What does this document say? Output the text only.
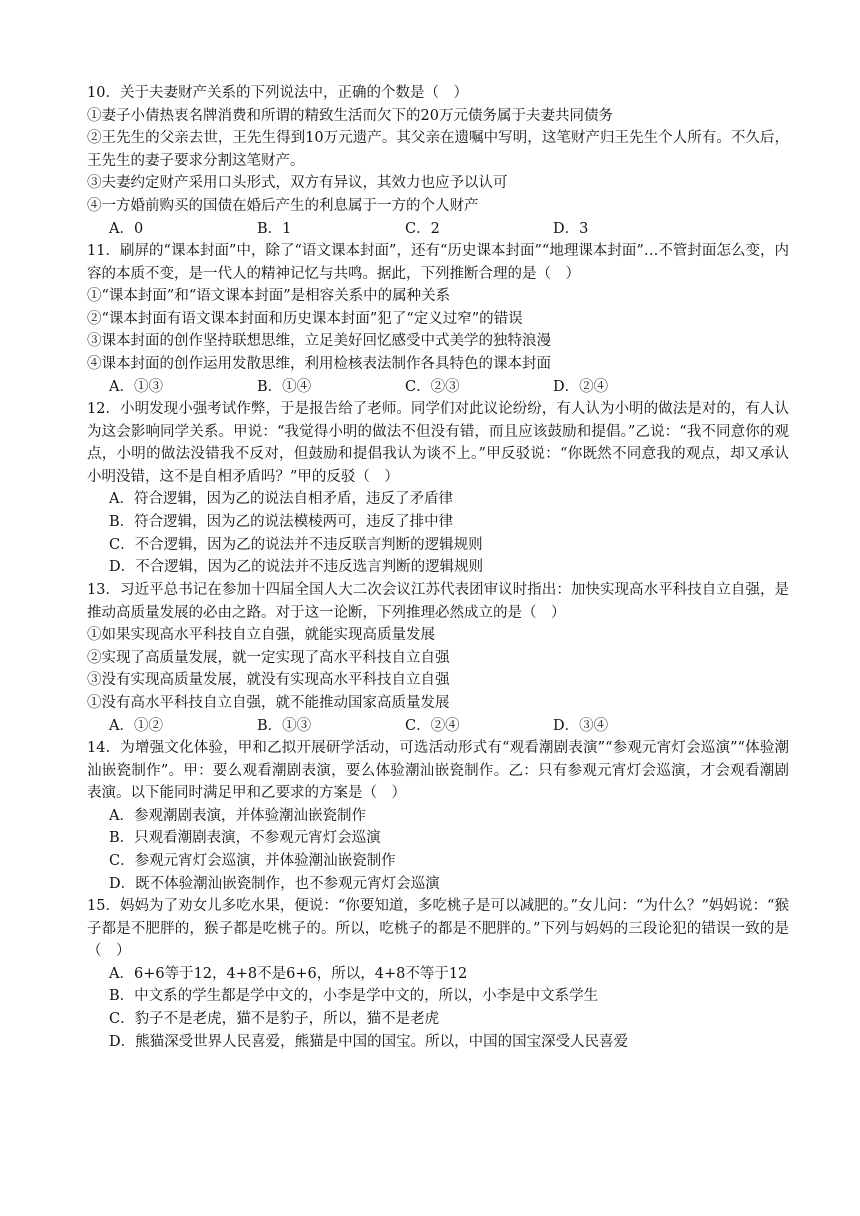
10．关于夫妻财产关系的下列说法中，正确的个数是（　）
①妻子小倩热衷名牌消费和所谓的精致生活而欠下的20万元债务属于夫妻共同债务
②王先生的父亲去世，王先生得到10万元遗产。其父亲在遗嘱中写明，这笔财产归王先生个人所有。不久后，王先生的妻子要求分割这笔财产。
③夫妻约定财产采用口头形式，双方有异议，其效力也应予以认可
④一方婚前购买的国债在婚后产生的利息属于一方的个人财产
A．0	B．1	C．2	D．3
11．刷屏的“课本封面”中，除了“语文课本封面”，还有“历史课本封面”“地理课本封面”…不管封面怎么变，内容的本质不变，是一代人的精神记忆与共鸣。据此，下列推断合理的是（　）
①“课本封面”和“语文课本封面”是相容关系中的属种关系
②“课本封面有语文课本封面和历史课本封面”犯了“定义过窄”的错误
③课本封面的创作坚持联想思维，立足美好回忆感受中式美学的独特浪漫
④课本封面的创作运用发散思维，利用检核表法制作各具特色的课本封面
A．①③	B．①④	C．②③	D．②④
12．小明发现小强考试作弊，于是报告给了老师。同学们对此议论纷纷，有人认为小明的做法是对的，有人认为这会影响同学关系。甲说：“我觉得小明的做法不但没有错，而且应该鼓励和提倡。”乙说：“我不同意你的观点，小明的做法没错我不反对，但鼓励和提倡我认为谈不上。”甲反驳说：“你既然不同意我的观点，却又承认小明没错，这不是自相矛盾吗？”甲的反驳（　）
A．符合逻辑，因为乙的说法自相矛盾，违反了矛盾律
B．符合逻辑，因为乙的说法模棱两可，违反了排中律
C．不合逻辑，因为乙的说法并不违反联言判断的逻辑规则
D．不合逻辑，因为乙的说法并不违反选言判断的逻辑规则
13．习近平总书记在参加十四届全国人大二次会议江苏代表团审议时指出：加快实现高水平科技自立自强，是推动高质量发展的必由之路。对于这一论断，下列推理必然成立的是（　）
①如果实现高水平科技自立自强，就能实现高质量发展
②实现了高质量发展，就一定实现了高水平科技自立自强
③没有实现高质量发展，就没有实现高水平科技自立自强
①没有高水平科技自立自强，就不能推动国家高质量发展
A．①②	B．①③	C．②④	D．③④
14．为增强文化体验，甲和乙拟开展研学活动，可选活动形式有“观看潮剧表演”“参观元宵灯会巡演”“体验潮汕嵌瓷制作”。甲：要么观看潮剧表演，要么体验潮汕嵌瓷制作。乙：只有参观元宵灯会巡演，才会观看潮剧表演。以下能同时满足甲和乙要求的方案是（　）
A．参观潮剧表演，并体验潮汕嵌瓷制作
B．只观看潮剧表演，不参观元宵灯会巡演
C．参观元宵灯会巡演，并体验潮汕嵌瓷制作
D．既不体验潮汕嵌瓷制作，也不参观元宵灯会巡演
15．妈妈为了劝女儿多吃水果，便说：“你要知道，多吃桃子是可以减肥的。”女儿问：“为什么？”妈妈说：“猴子都是不肥胖的，猴子都是吃桃子的。所以，吃桃子的都是不肥胖的。”下列与妈妈的三段论犯的错误一致的是（　）
A．6+6等于12，4+8不是6+6，所以，4+8不等于12
B．中文系的学生都是学中文的，小李是学中文的，所以，小李是中文系学生
C．豹子不是老虎，猫不是豹子，所以，猫不是老虎
D．熊猫深受世界人民喜爱，熊猫是中国的国宝。所以，中国的国宝深受人民喜爱
